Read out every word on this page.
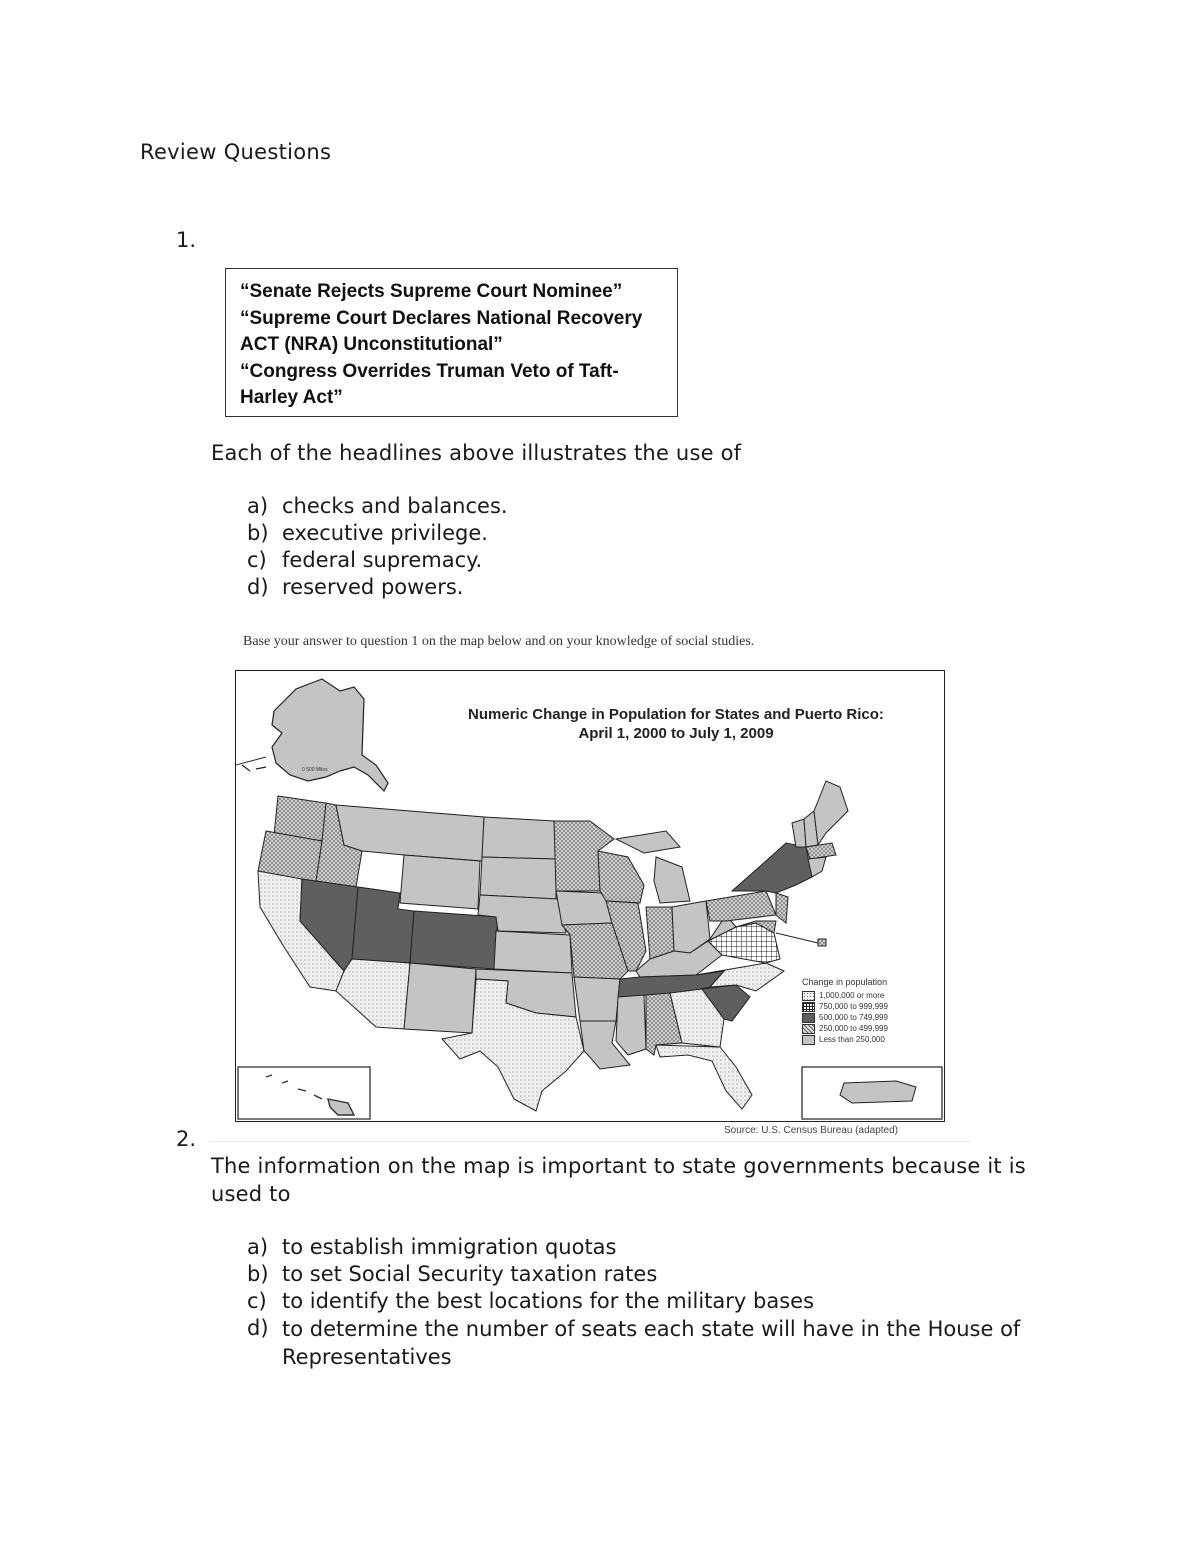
Review Questions
1.
“Senate Rejects Supreme Court Nominee”
“Supreme Court Declares National Recovery
ACT (NRA) Unconstitutional”
“Congress Overrides Truman Veto of Taft-
Harley Act”
Each of the headlines above illustrates the use of
a) checks and balances.
b) executive privilege.
c) federal supremacy.
d) reserved powers.
Base your answer to question 1 on the map below and on your knowledge of social studies.
0 500 Miles
Numeric Change in Population for States and Puerto Rico:
April 1, 2000 to July 1, 2009
Change in population
1,000,000 or more
750,000 to 999,999
500,000 to 749,999
250,000 to 499,999
Less than 250,000
Source: U.S. Census Bureau (adapted)
2.
The information on the map is important to state governments because it is
used to
a) to establish immigration quotas
b) to set Social Security taxation rates
c) to identify the best locations for the military bases
d) to determine the number of seats each state will have in the House of Representatives
